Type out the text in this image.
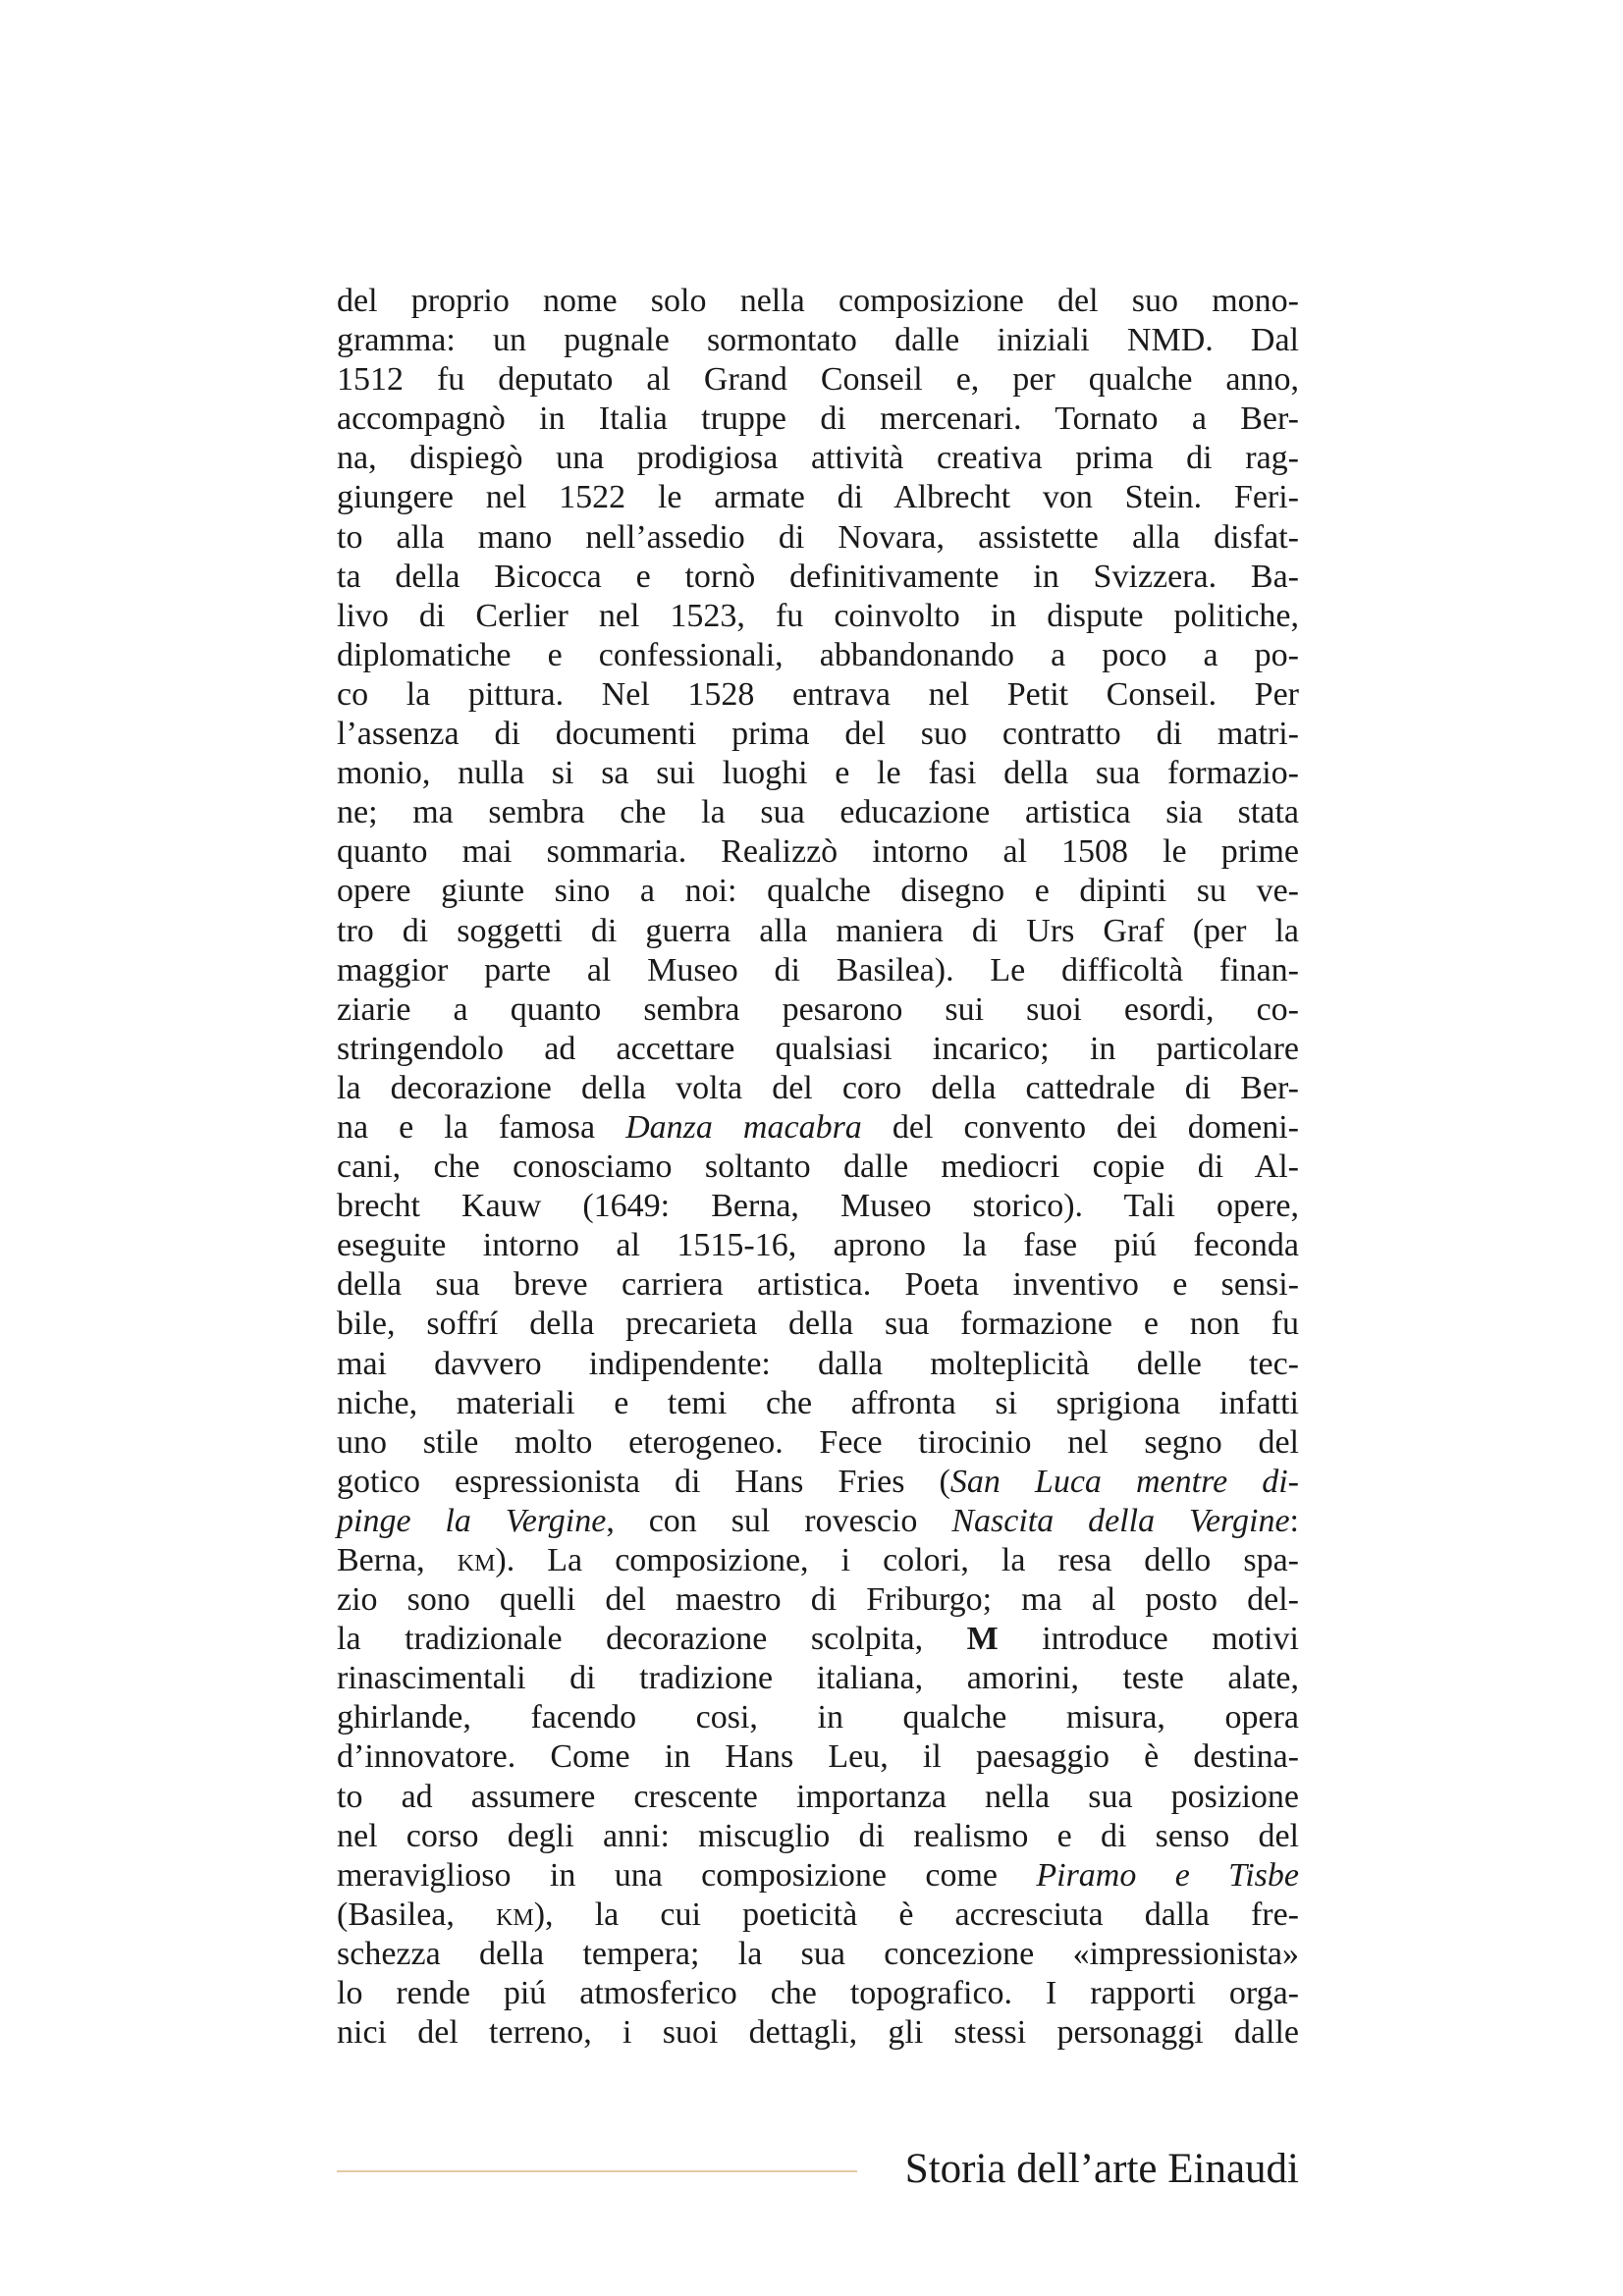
del proprio nome solo nella composizione del suo mono-
gramma: un pugnale sormontato dalle iniziali NMD. Dal
1512 fu deputato al Grand Conseil e, per qualche anno,
accompagnò in Italia truppe di mercenari. Tornato a Ber-
na, dispiegò una prodigiosa attività creativa prima di rag-
giungere nel 1522 le armate di Albrecht von Stein. Feri-
to alla mano nell’assedio di Novara, assistette alla disfat-
ta della Bicocca e tornò definitivamente in Svizzera. Ba-
livo di Cerlier nel 1523, fu coinvolto in dispute politiche,
diplomatiche e confessionali, abbandonando a poco a po-
co la pittura. Nel 1528 entrava nel Petit Conseil. Per
l’assenza di documenti prima del suo contratto di matri-
monio, nulla si sa sui luoghi e le fasi della sua formazio-
ne; ma sembra che la sua educazione artistica sia stata
quanto mai sommaria. Realizzò intorno al 1508 le prime
opere giunte sino a noi: qualche disegno e dipinti su ve-
tro di soggetti di guerra alla maniera di Urs Graf (per la
maggior parte al Museo di Basilea). Le difficoltà finan-
ziarie a quanto sembra pesarono sui suoi esordi, co-
stringendolo ad accettare qualsiasi incarico; in particolare
la decorazione della volta del coro della cattedrale di Ber-
na e la famosa Danza macabra del convento dei domeni-
cani, che conosciamo soltanto dalle mediocri copie di Al-
brecht Kauw (1649: Berna, Museo storico). Tali opere,
eseguite intorno al 1515-16, aprono la fase piú feconda
della sua breve carriera artistica. Poeta inventivo e sensi-
bile, soffrí della precarieta della sua formazione e non fu
mai davvero indipendente: dalla molteplicità delle tec-
niche, materiali e temi che affronta si sprigiona infatti
uno stile molto eterogeneo. Fece tirocinio nel segno del
gotico espressionista di Hans Fries (San Luca mentre di-
pinge la Vergine, con sul rovescio Nascita della Vergine:
Berna, km). La composizione, i colori, la resa dello spa-
zio sono quelli del maestro di Friburgo; ma al posto del-
la tradizionale decorazione scolpita, M introduce motivi
rinascimentali di tradizione italiana, amorini, teste alate,
ghirlande, facendo cosi, in qualche misura, opera
d’innovatore. Come in Hans Leu, il paesaggio è destina-
to ad assumere crescente importanza nella sua posizione
nel corso degli anni: miscuglio di realismo e di senso del
meraviglioso in una composizione come Piramo e Tisbe
(Basilea, km), la cui poeticità è accresciuta dalla fre-
schezza della tempera; la sua concezione «impressionista»
lo rende piú atmosferico che topografico. I rapporti orga-
nici del terreno, i suoi dettagli, gli stessi personaggi dalle
Storia dell’arte Einaudi
